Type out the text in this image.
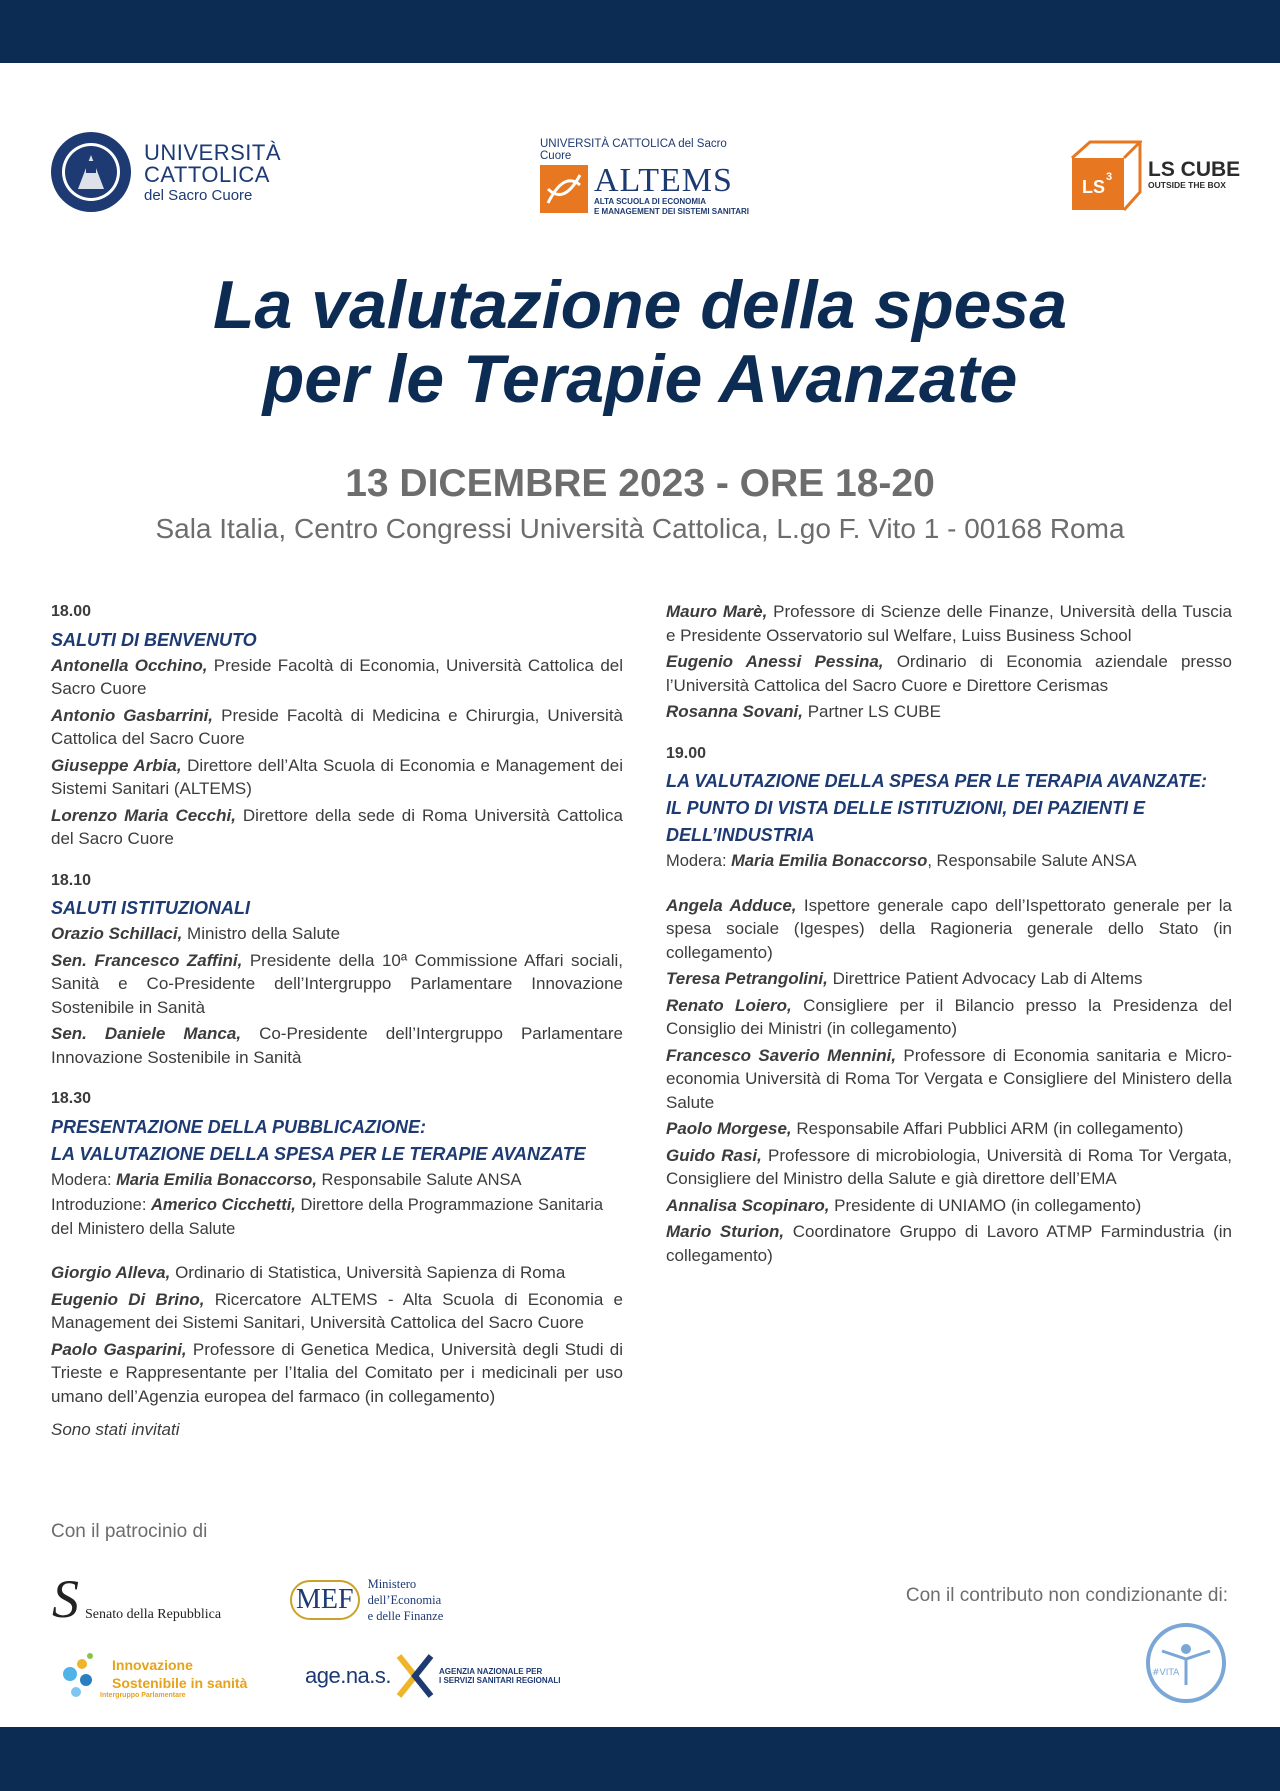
UNIVERSITÀ
CATTOLICA
del Sacro Cuore
UNIVERSITÀ CATTOLICA del Sacro Cuore
ALTEMS
ALTA SCUOLA DI ECONOMIA
E MANAGEMENT DEI SISTEMI SANITARI
LS 3 LS CUBE
OUTSIDE THE BOX
La valutazione della spesa
per le Terapie Avanzate
13 DICEMBRE 2023 - ORE 18-20
Sala Italia, Centro Congressi Università Cattolica, L.go F. Vito 1 - 00168 Roma
18.00
SALUTI DI BENVENUTO
Antonella Occhino, Preside Facoltà di Economia, Università Cattolica del Sacro Cuore
Antonio Gasbarrini, Preside Facoltà di Medicina e Chirurgia, Università Cattolica del Sacro Cuore
Giuseppe Arbia, Direttore dell’Alta Scuola di Economia e Management dei Sistemi Sanitari (ALTEMS)
Lorenzo Maria Cecchi, Direttore della sede di Roma Università Cattolica del Sacro Cuore
18.10
SALUTI ISTITUZIONALI
Orazio Schillaci, Ministro della Salute
Sen. Francesco Zaffini, Presidente della 10ª Commissione Affari sociali, Sanità e Co-Presidente dell’Intergruppo Parlamentare Innovazione Sostenibile in Sanità
Sen. Daniele Manca, Co-Presidente dell’Intergruppo Parlamentare Innovazione Sostenibile in Sanità
18.30
PRESENTAZIONE DELLA PUBBLICAZIONE:
LA VALUTAZIONE DELLA SPESA PER LE TERAPIE AVANZATE
Modera: Maria Emilia Bonaccorso, Responsabile Salute ANSA
Introduzione: Americo Cicchetti, Direttore della Programmazione Sanitaria del Ministero della Salute
Giorgio Alleva, Ordinario di Statistica, Università Sapienza di Roma
Eugenio Di Brino, Ricercatore ALTEMS - Alta Scuola di Economia e Management dei Sistemi Sanitari, Università Cattolica del Sacro Cuore
Paolo Gasparini, Professore di Genetica Medica, Università degli Studi di Trieste e Rappresentante per l’Italia del Comitato per i medicinali per uso umano dell’Agenzia europea del farmaco (in collegamento)
Sono stati invitati
Mauro Marè, Professore di Scienze delle Finanze, Università della Tuscia e Presidente Osservatorio sul Welfare, Luiss Business School
Eugenio Anessi Pessina, Ordinario di Economia aziendale presso l’Università Cattolica del Sacro Cuore e Direttore Cerismas
Rosanna Sovani, Partner LS CUBE
19.00
LA VALUTAZIONE DELLA SPESA PER LE TERAPIA AVANZATE:
IL PUNTO DI VISTA DELLE ISTITUZIONI, DEI PAZIENTI E DELL’INDUSTRIA
Modera: Maria Emilia Bonaccorso, Responsabile Salute ANSA
Angela Adduce, Ispettore generale capo dell’Ispettorato generale per la spesa sociale (Igespes) della Ragioneria generale dello Stato (in collegamento)
Teresa Petrangolini, Direttrice Patient Advocacy Lab di Altems
Renato Loiero, Consigliere per il Bilancio presso la Presidenza del Consiglio dei Ministri (in collegamento)
Francesco Saverio Mennini, Professore di Economia sanitaria e Micro-economia Università di Roma Tor Vergata e Consigliere del Ministero della Salute
Paolo Morgese, Responsabile Affari Pubblici ARM (in collegamento)
Guido Rasi, Professore di microbiologia, Università di Roma Tor Vergata, Consigliere del Ministro della Salute e già direttore dell’EMA
Annalisa Scopinaro, Presidente di UNIAMO (in collegamento)
Mario Sturion, Coordinatore Gruppo di Lavoro ATMP Farmindustria (in collegamento)
Con il patrocinio di
Con il contributo non condizionante di:
S Senato della Repubblica	MEF	Ministero
dell’Economia
e delle Finanze
Innovazione
Sostenibile in sanità
Intergruppo Parlamentare
age.na.s.	AGENZIA NAZIONALE PER
I SERVIZI SANITARI REGIONALI
#VITA
